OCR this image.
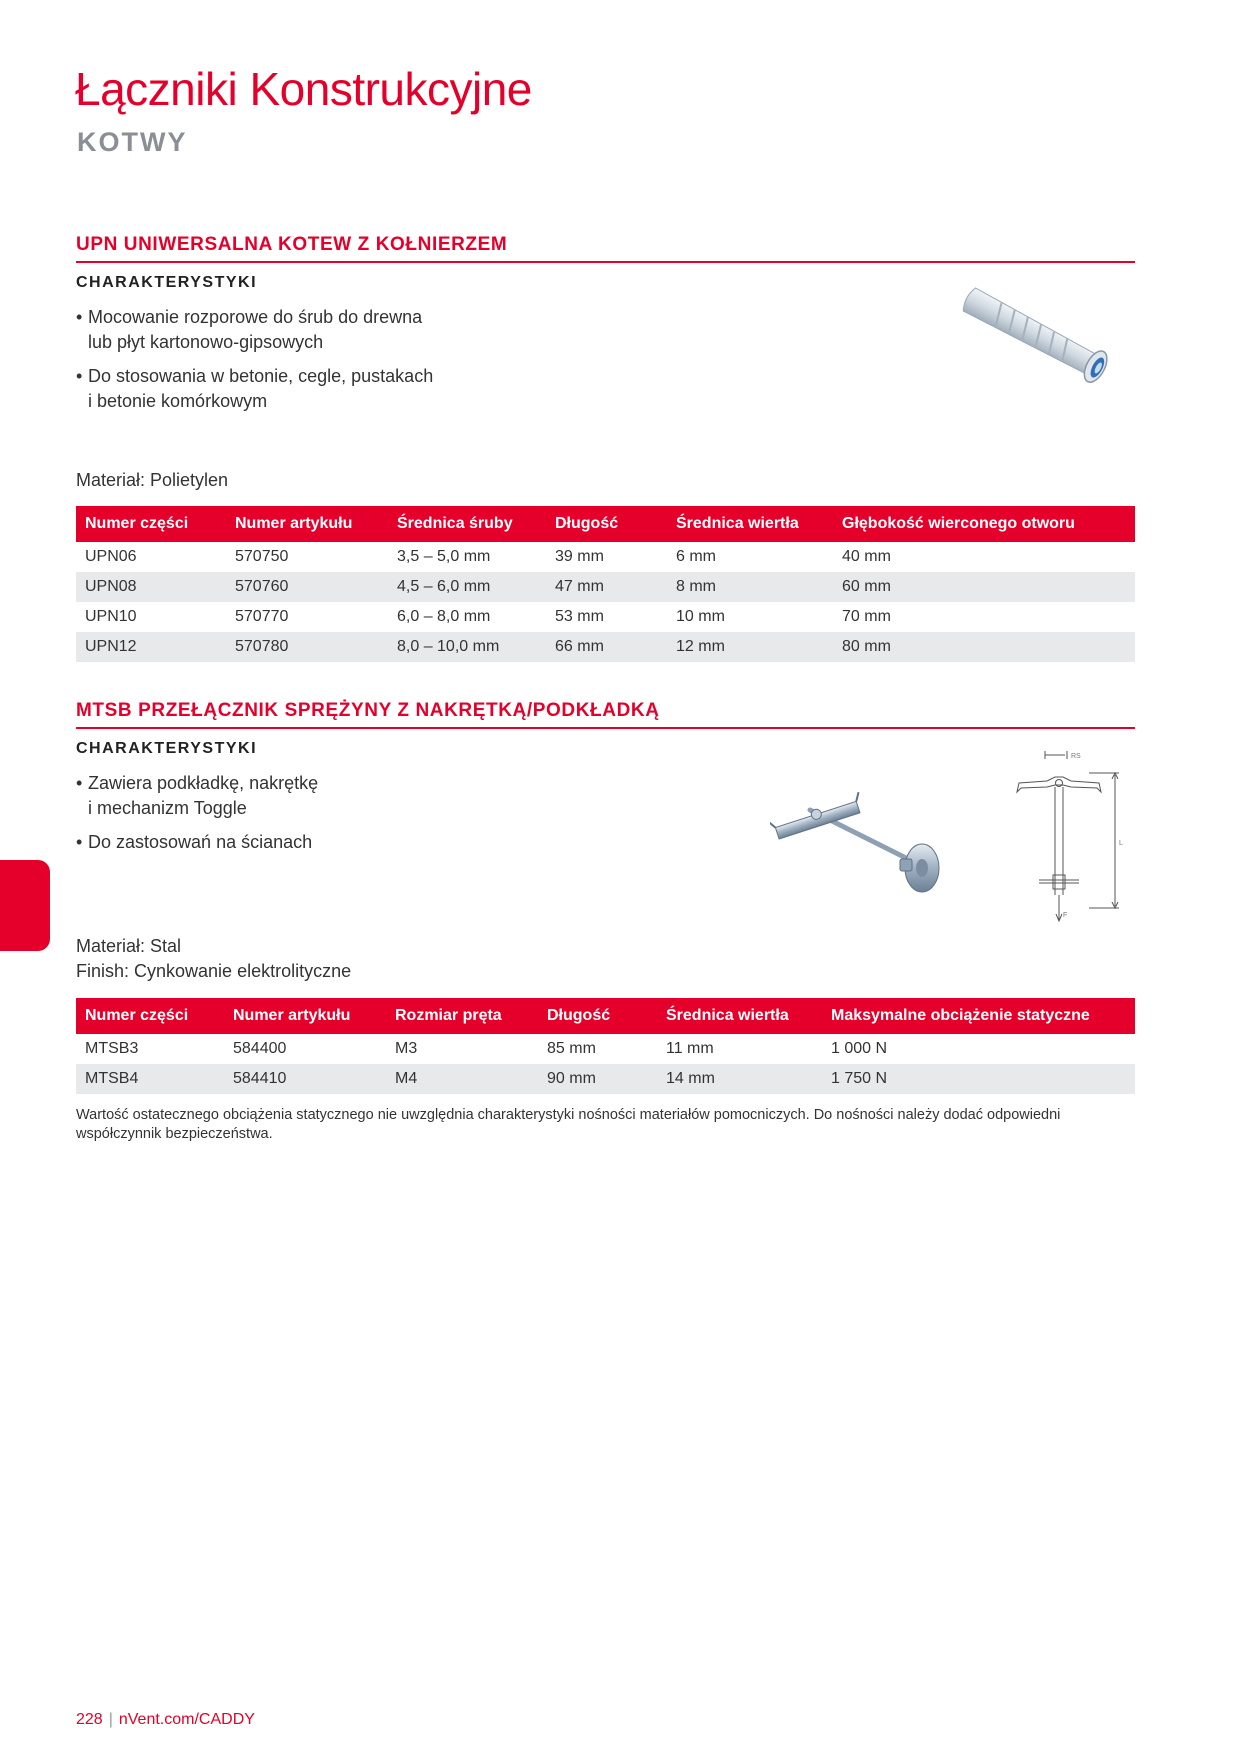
Łączniki Konstrukcyjne
KOTWY
UPN UNIWERSALNA KOTEW Z KOŁNIERZEM
CHARAKTERYSTYKI
• Mocowanie rozporowe do śrub do drewna
lub płyt kartonowo-gipsowych
• Do stosowania w betonie, cegle, pustakach
i betonie komórkowym
Materiał: Polietylen
Numer części	Numer artykułu	Średnica śruby	Długość	Średnica wiertła	Głębokość wierconego otworu
UPN06	570750	3,5 – 5,0 mm	39 mm	6 mm	40 mm
UPN08	570760	4,5 – 6,0 mm	47 mm	8 mm	60 mm
UPN10	570770	6,0 – 8,0 mm	53 mm	10 mm	70 mm
UPN12	570780	8,0 – 10,0 mm	66 mm	12 mm	80 mm
MTSB PRZEŁĄCZNIK SPRĘŻYNY Z NAKRĘTKĄ/PODKŁADKĄ
CHARAKTERYSTYKI
• Zawiera podkładkę, nakrętkę
i mechanizm Toggle
• Do zastosowań na ścianach
RS
L
F
Materiał: Stal
Finish: Cynkowanie elektrolityczne
Numer części	Numer artykułu	Rozmiar pręta	Długość	Średnica wiertła	Maksymalne obciążenie statyczne
MTSB3	584400	M3	85 mm	11 mm	1 000 N
MTSB4	584410	M4	90 mm	14 mm	1 750 N
Wartość ostatecznego obciążenia statycznego nie uwzględnia charakterystyki nośności materiałów pomocniczych. Do nośności należy dodać odpowiedni współczynnik bezpieczeństwa.
228 | nVent.com/CADDY
